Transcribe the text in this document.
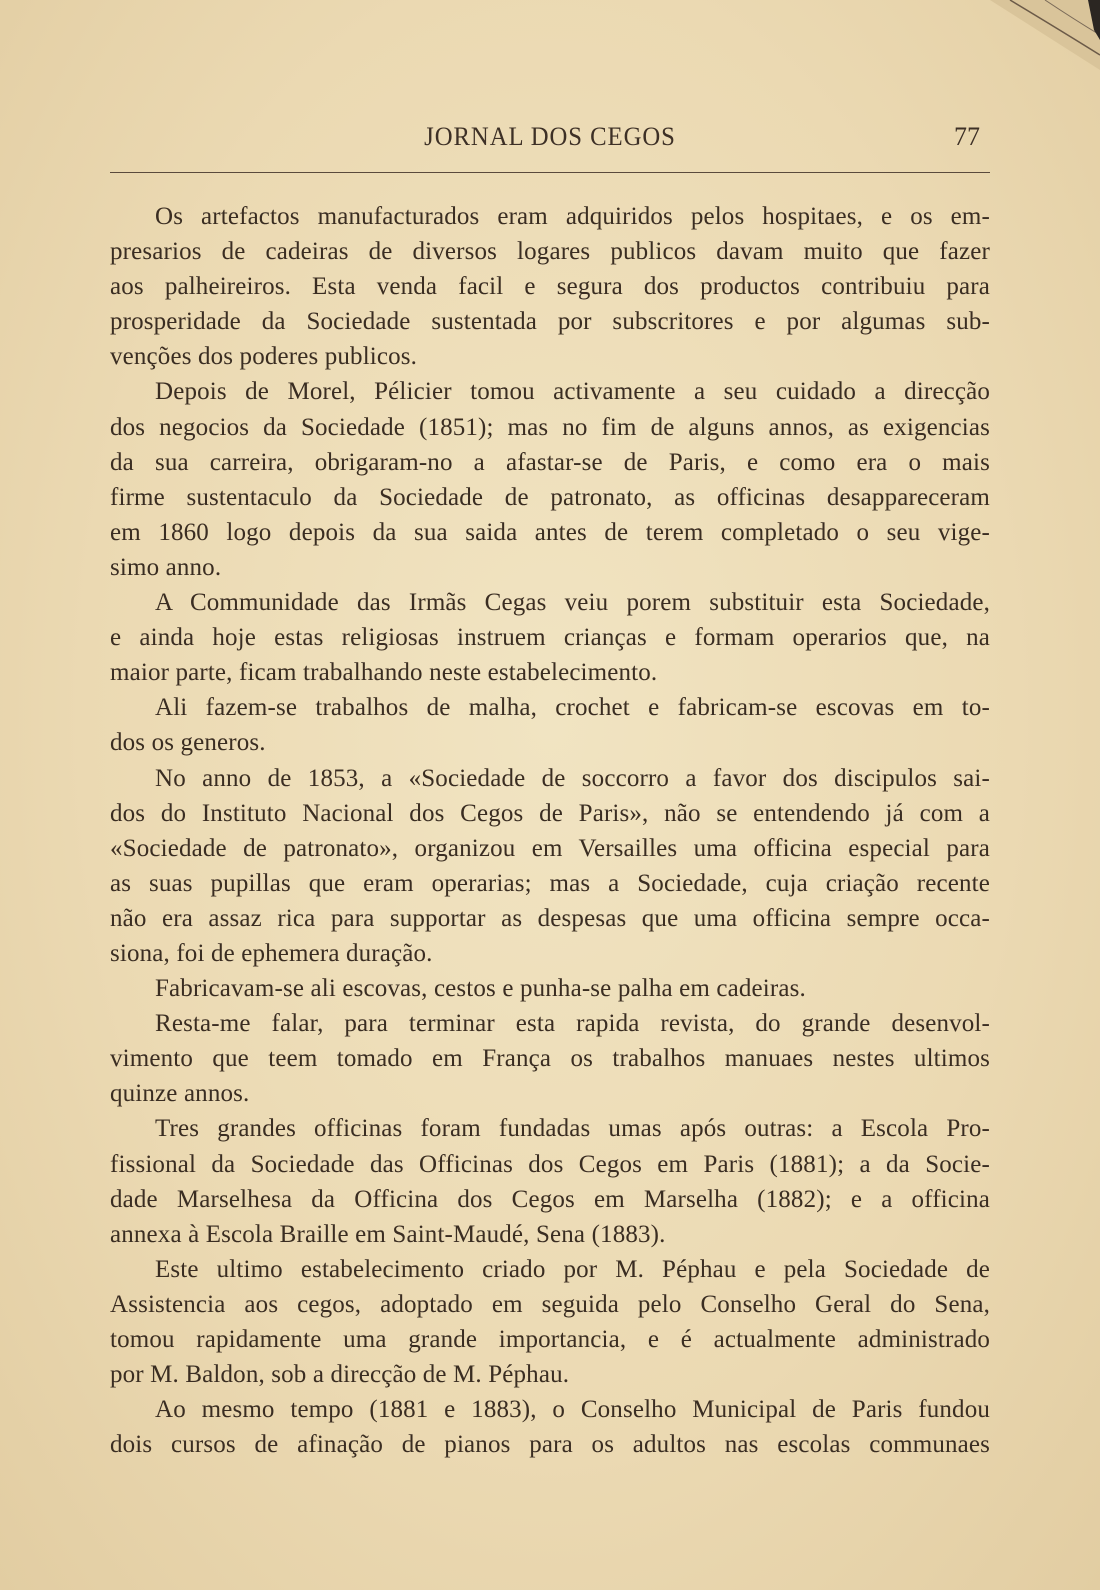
JORNAL DOS CEGOS	77
Os artefactos manufacturados eram adquiridos pelos hospitaes, e os em-
presarios de cadeiras de diversos logares publicos davam muito que fazer
aos palheireiros. Esta venda facil e segura dos productos contribuiu para
prosperidade da Sociedade sustentada por subscritores e por algumas sub-
venções dos poderes publicos.
Depois de Morel, Pélicier tomou activamente a seu cuidado a direcção
dos negocios da Sociedade (1851); mas no fim de alguns annos, as exigencias
da sua carreira, obrigaram-no a afastar-se de Paris, e como era o mais
firme sustentaculo da Sociedade de patronato, as officinas desappareceram
em 1860 logo depois da sua saida antes de terem completado o seu vige-
simo anno.
A Communidade das Irmãs Cegas veiu porem substituir esta Sociedade,
e ainda hoje estas religiosas instruem crianças e formam operarios que, na
maior parte, ficam trabalhando neste estabelecimento.
Ali fazem-se trabalhos de malha, crochet e fabricam-se escovas em to-
dos os generos.
No anno de 1853, a «Sociedade de soccorro a favor dos discipulos sai-
dos do Instituto Nacional dos Cegos de Paris», não se entendendo já com a
«Sociedade de patronato», organizou em Versailles uma officina especial para
as suas pupillas que eram operarias; mas a Sociedade, cuja criação recente
não era assaz rica para supportar as despesas que uma officina sempre occa-
siona, foi de ephemera duração.
Fabricavam-se ali escovas, cestos e punha-se palha em cadeiras.
Resta-me falar, para terminar esta rapida revista, do grande desenvol-
vimento que teem tomado em França os trabalhos manuaes nestes ultimos
quinze annos.
Tres grandes officinas foram fundadas umas após outras: a Escola Pro-
fissional da Sociedade das Officinas dos Cegos em Paris (1881); a da Socie-
dade Marselhesa da Officina dos Cegos em Marselha (1882); e a officina
annexa à Escola Braille em Saint-Maudé, Sena (1883).
Este ultimo estabelecimento criado por M. Péphau e pela Sociedade de
Assistencia aos cegos, adoptado em seguida pelo Conselho Geral do Sena,
tomou rapidamente uma grande importancia, e é actualmente administrado
por M. Baldon, sob a direcção de M. Péphau.
Ao mesmo tempo (1881 e 1883), o Conselho Municipal de Paris fundou
dois cursos de afinação de pianos para os adultos nas escolas communaes
